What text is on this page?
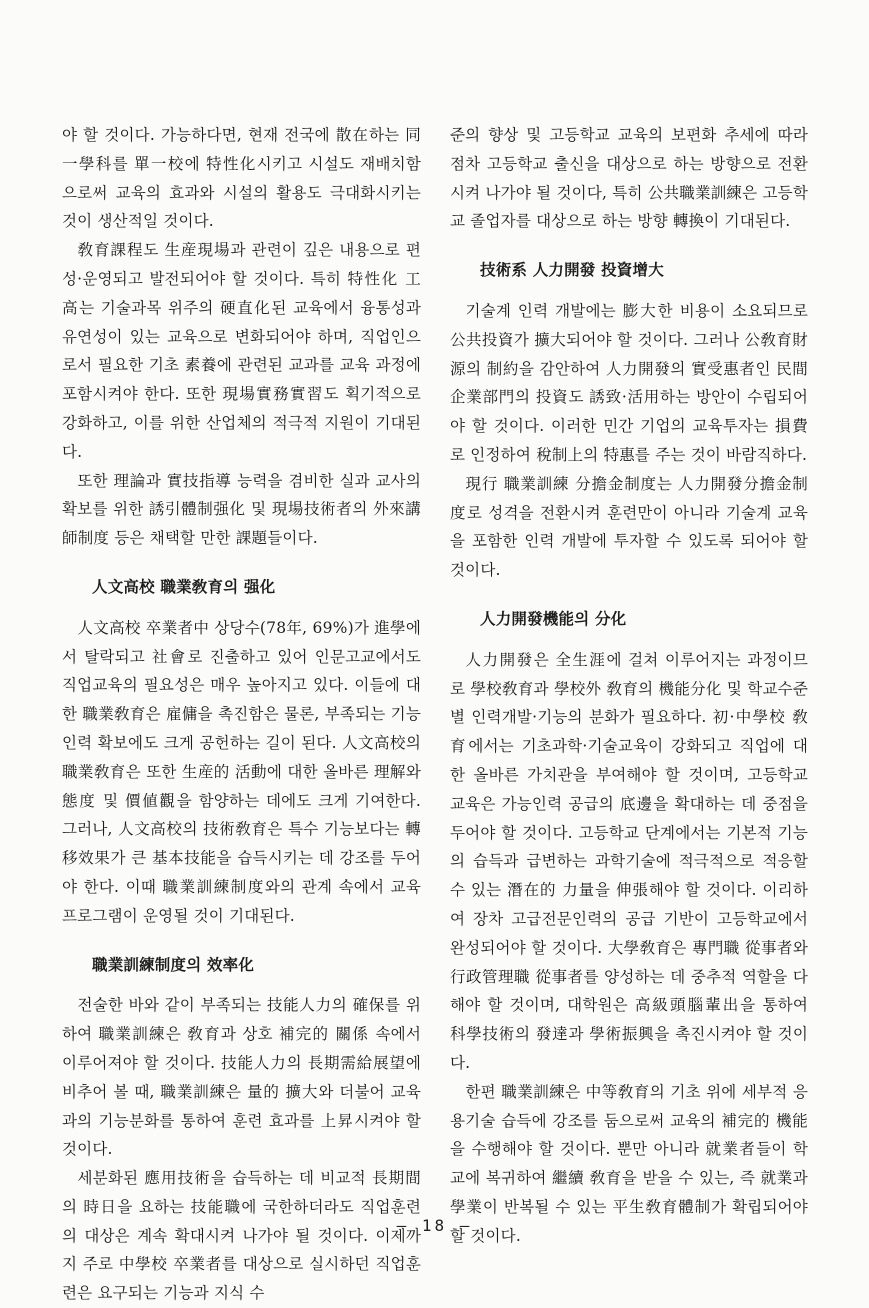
야 할 것이다. 가능하다면, 현재 전국에 散在하는 同一學科를 單一校에 特性化시키고 시설도 재배치함으로써 교육의 효과와 시설의 활용도 극대화시키는 것이 생산적일 것이다.

敎育課程도 生産現場과 관련이 깊은 내용으로 편성·운영되고 발전되어야 할 것이다. 특히 特性化 工高는 기술과목 위주의 硬直化된 교육에서 융통성과 유연성이 있는 교육으로 변화되어야 하며, 직업인으로서 필요한 기초 素養에 관련된 교과를 교육 과정에 포함시켜야 한다. 또한 現場實務實習도 획기적으로 강화하고, 이를 위한 산업체의 적극적 지원이 기대된다.

또한 理論과 實技指導 능력을 겸비한 실과 교사의 확보를 위한 誘引體制强化 및 現場技術者의 外來講師制度 등은 채택할 만한 課題들이다.

人文高校 職業敎育의 强化

人文高校 卒業者中 상당수(78年, 69%)가 進學에서 탈락되고 社會로 진출하고 있어 인문고교에서도 직업교육의 필요성은 매우 높아지고 있다. 이들에 대한 職業敎育은 雇傭을 촉진함은 물론, 부족되는 기능 인력 확보에도 크게 공헌하는 길이 된다. 人文高校의 職業敎育은 또한 生産的 活動에 대한 올바른 理解와 態度 및 價値觀을 함양하는 데에도 크게 기여한다. 그러나, 人文高校의 技術敎育은 특수 기능보다는 轉移效果가 큰 基本技能을 습득시키는 데 강조를 두어야 한다. 이때 職業訓練制度와의 관계 속에서 교육 프로그램이 운영될 것이 기대된다.

職業訓練制度의 效率化

전술한 바와 같이 부족되는 技能人力의 確保를 위하여 職業訓練은 敎育과 상호 補完的 關係 속에서 이루어져야 할 것이다. 技能人力의 長期需給展望에 비추어 볼 때, 職業訓練은 量的 擴大와 더불어 교육과의 기능분화를 통하여 훈련 효과를 上昇시켜야 할 것이다.

세분화된 應用技術을 습득하는 데 비교적 長期間의 時日을 요하는 技能職에 국한하더라도 직업훈련의 대상은 계속 확대시켜 나가야 될 것이다. 이제까지 주로 中學校 卒業者를 대상으로 실시하던 직업훈련은 요구되는 기능과 지식 수

준의 향상 및 고등학교 교육의 보편화 추세에 따라 점차 고등학교 출신을 대상으로 하는 방향으로 전환시켜 나가야 될 것이다, 특히 公共職業訓練은 고등학교 졸업자를 대상으로 하는 방향 轉換이 기대된다.

技術系 人力開發 投資增大

기술계 인력 개발에는 膨大한 비용이 소요되므로 公共投資가 擴大되어야 할 것이다. 그러나 公敎育財源의 制約을 감안하여 人力開發의 實受惠者인 民間企業部門의 投資도 誘致·活用하는 방안이 수립되어야 할 것이다. 이러한 민간 기업의 교육투자는 損費로 인정하여 稅制上의 特惠를 주는 것이 바람직하다.

現行 職業訓練 分擔金制度는 人力開發分擔金制度로 성격을 전환시켜 훈련만이 아니라 기술계 교육을 포함한 인력 개발에 투자할 수 있도록 되어야 할 것이다.

人力開發機能의 分化

人力開發은 全生涯에 걸쳐 이루어지는 과정이므로 學校敎育과 學校外 敎育의 機能分化 및 학교수준별 인력개발·기능의 분화가 필요하다. 初·中學校 敎育에서는 기초과학·기술교육이 강화되고 직업에 대한 올바른 가치관을 부여해야 할 것이며, 고등학교 교육은 가능인력 공급의 底邊을 확대하는 데 중점을 두어야 할 것이다. 고등학교 단계에서는 기본적 기능의 습득과 급변하는 과학기술에 적극적으로 적응할 수 있는 潛在的 力量을 伸張해야 할 것이다. 이리하여 장차 고급전문인력의 공급 기반이 고등학교에서 완성되어야 할 것이다. 大學敎育은 專門職 從事者와 行政管理職 從事者를 양성하는 데 중추적 역할을 다 해야 할 것이며, 대학원은 高級頭腦輩出을 통하여 科學技術의 發達과 學術振興을 촉진시켜야 할 것이다.

한편 職業訓練은 中等敎育의 기초 위에 세부적 응용기술 습득에 강조를 둠으로써 교육의 補完的 機能을 수행해야 할 것이다. 뿐만 아니라 就業者들이 학교에 복귀하여 繼續 敎育을 받을 수 있는, 즉 就業과 學業이 반복될 수 있는 平生敎育體制가 확립되어야 할 것이다.

— 18 —
